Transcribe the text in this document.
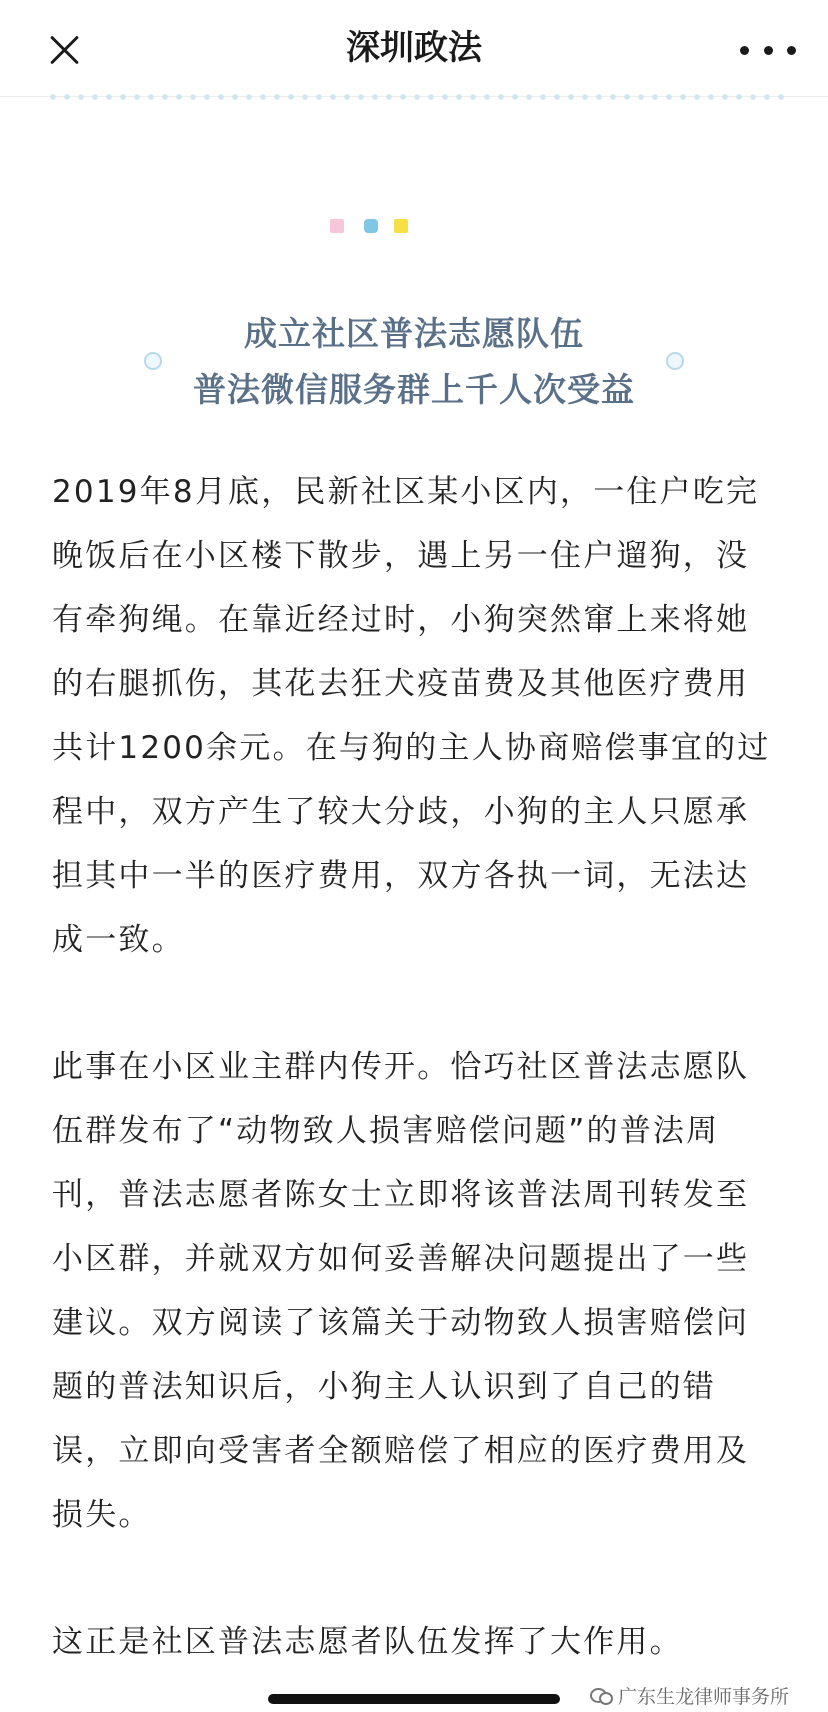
深圳政法
成立社区普法志愿队伍
普法微信服务群上千人次受益
2019年8月底，民新社区某小区内，一住户吃完晚饭后在小区楼下散步，遇上另一住户遛狗，没有牵狗绳。在靠近经过时，小狗突然窜上来将她的右腿抓伤，其花去狂犬疫苗费及其他医疗费用共计1200余元。在与狗的主人协商赔偿事宜的过程中，双方产生了较大分歧，小狗的主人只愿承担其中一半的医疗费用，双方各执一词，无法达成一致。
此事在小区业主群内传开。恰巧社区普法志愿队伍群发布了“动物致人损害赔偿问题”的普法周刊，普法志愿者陈女士立即将该普法周刊转发至小区群，并就双方如何妥善解决问题提出了一些建议。双方阅读了该篇关于动物致人损害赔偿问题的普法知识后，小狗主人认识到了自己的错误，立即向受害者全额赔偿了相应的医疗费用及损失。
这正是社区普法志愿者队伍发挥了大作用。
广东生龙律师事务所
